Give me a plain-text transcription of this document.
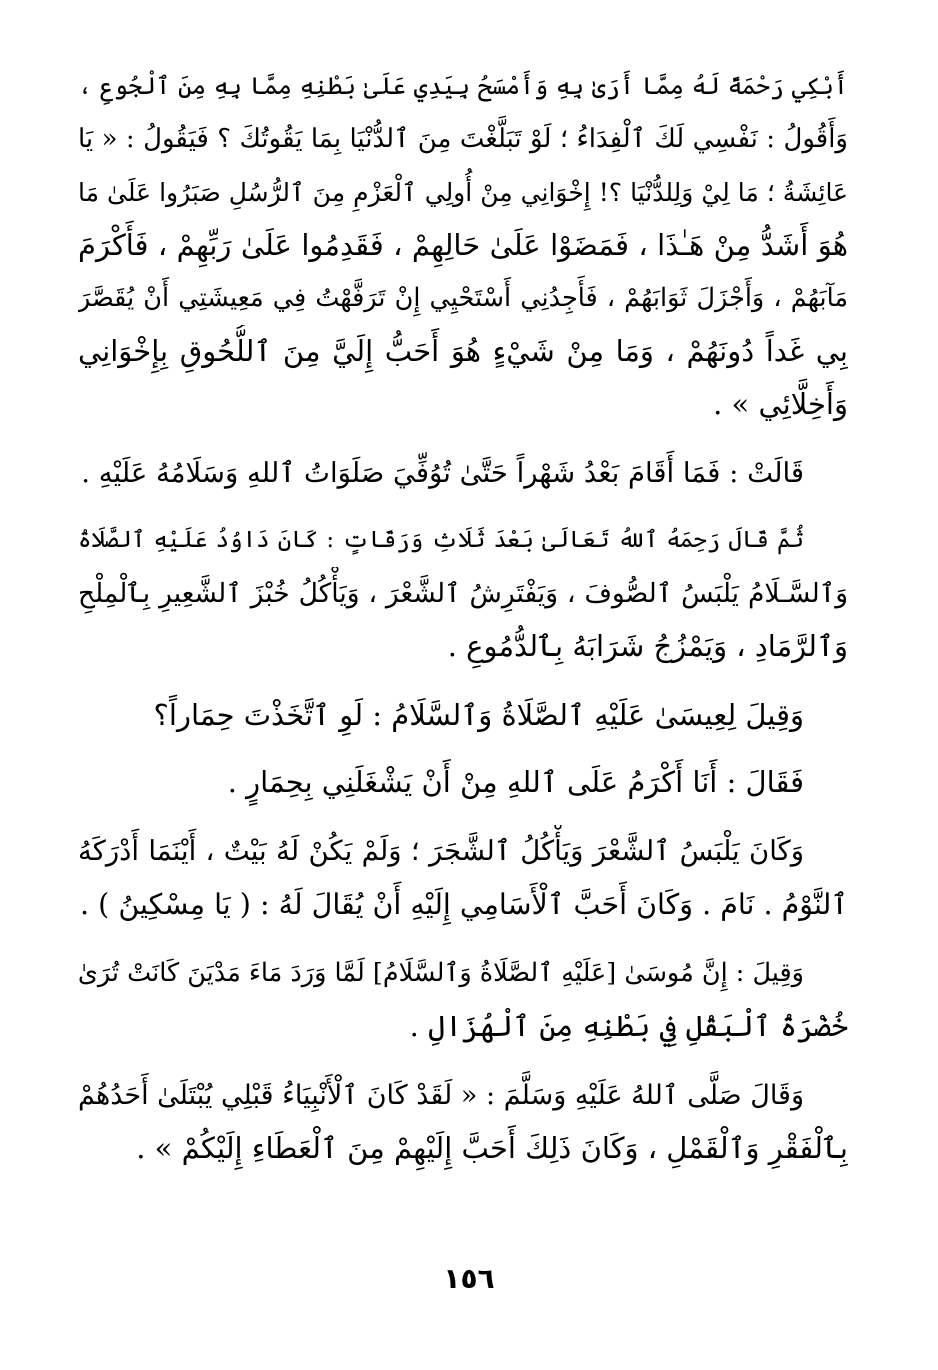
أَبْكِي رَحْمَةً لَهُ مِمَّا أَرَىٰ بِهِ وَأَمْسَحُ بِيَدِي عَلَىٰ بَطْنِهِ مِمَّا بِهِ مِنَ ٱلْجُوعِ ،
وَأَقُولُ : نَفْسِي لَكَ ٱلْفِدَاءُ ؛ لَوْ تَبَلَّغْتَ مِنَ ٱلدُّنْيَا بِمَا يَقُوتُكَ ؟ فَيَقُولُ : « يَا
عَائِشَةُ ؛ مَا لِيْ وَلِلدُّنْيَا ؟! إِخْوَانِي مِنْ أُولِي ٱلْعَزْمِ مِنَ ٱلرُّسُلِ صَبَرُوا عَلَىٰ مَا
هُوَ أَشَدُّ مِنْ هَـٰذَا ، فَمَضَوْا عَلَىٰ حَالِهِمْ ، فَقَدِمُوا عَلَىٰ رَبِّهِمْ ، فَأَكْرَمَ
مَآبَهُمْ ، وَأَجْزَلَ ثَوَابَهُمْ ، فَأَجِدُنِي أَسْتَحْيِي إِنْ تَرَفَّهْتُ فِي مَعِيشَتِي أَنْ يُقَصَّرَ
بِي غَداً دُونَهُمْ ، وَمَا مِنْ شَيْءٍ هُوَ أَحَبُّ إِلَيَّ مِنَ ٱللُّحُوقِ بِإِخْوَانِي
وَأَخِلَّائِي » .
قَالَتْ : فَمَا أَقَامَ بَعْدُ شَهْراً حَتَّىٰ تُوُفِّيَ صَلَوَاتُ ٱللهِ وَسَلَامُهُ عَلَيْهِ .
ثُمَّ قَالَ رَحِمَهُ ٱللهُ تَعَالَىٰ بَعْدَ ثَلَاثِ وَرَقَاتٍ : كَانَ دَاوُدُ عَلَيْهِ ٱلصَّلَاةُ
وَٱلسَّـلَامُ يَلْبَسُ ٱلصُّوفَ ، وَيَفْتَرِشُ ٱلشَّعْرَ ، وَيَأْكُلُ خُبْزَ ٱلشَّعِيرِ بِٱلْمِلْحِ
وَٱلرَّمَادِ ، وَيَمْزُجُ شَرَابَهُ بِٱلدُّمُوعِ .
وَقِيلَ لِعِيسَىٰ عَلَيْهِ ٱلصَّلَاةُ وَٱلسَّلَامُ : لَوِ ٱتَّخَذْتَ حِمَاراً؟
فَقَالَ : أَنَا أَكْرَمُ عَلَى ٱللهِ مِنْ أَنْ يَشْغَلَنِي بِحِمَارٍ .
وَكَانَ يَلْبَسُ ٱلشَّعْرَ وَيَأْكُلُ ٱلشَّجَرَ ؛ وَلَمْ يَكُنْ لَهُ بَيْتٌ ، أَيْنَمَا أَدْرَكَهُ
ٱلنَّوْمُ . نَامَ . وَكَانَ أَحَبَّ ٱلْأَسَامِي إِلَيْهِ أَنْ يُقَالَ لَهُ : ( يَا مِسْكِينُ ) .
وَقِيلَ : إِنَّ مُوسَىٰ [عَلَيْهِ ٱلصَّلَاةُ وَٱلسَّلَامُ] لَمَّا وَرَدَ مَاءَ مَدْيَنَ كَانَتْ تُرَىٰ
خُضْرَةُ ٱلْبَقْلِ فِي بَطْنِهِ مِنَ ٱلْهُزَالِ .
وَقَالَ صَلَّى ٱللهُ عَلَيْهِ وَسَلَّمَ : « لَقَدْ كَانَ ٱلْأَنْبِيَاءُ قَبْلِي يُبْتَلَىٰ أَحَدُهُمْ
بِٱلْفَقْرِ وَٱلْقَمْلِ ، وَكَانَ ذَلِكَ أَحَبَّ إِلَيْهِمْ مِنَ ٱلْعَطَاءِ إِلَيْكُمْ » .
١٥٦
